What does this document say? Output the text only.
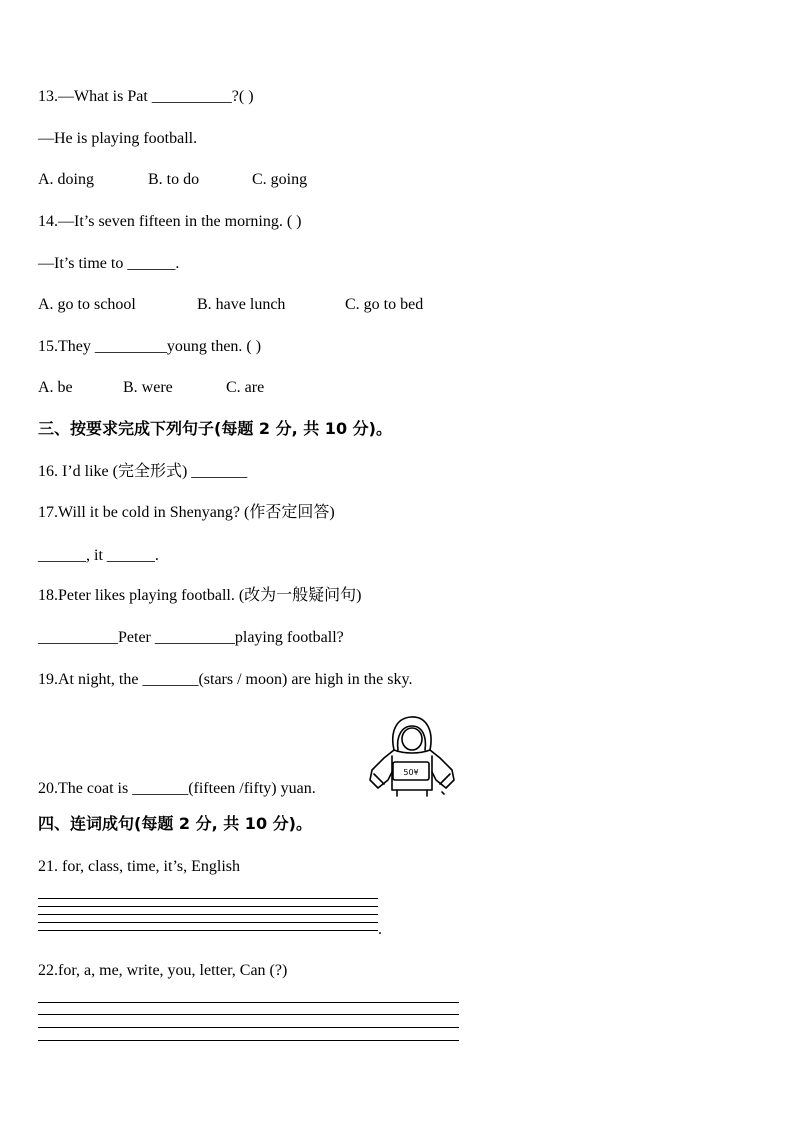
13.—What is Pat __________?( )
—He is playing football.
A. doing	B. to do	C. going
14.—It’s seven fifteen in the morning. ( )
—It’s time to ______.
A. go to school	B. have lunch	C. go to bed
15.They _________young then. ( )
A. be	B. were	C. are
三、按要求完成下列句子(每题 2 分, 共 10 分)。
16. I’d like (完全形式) _______
17.Will it be cold in Shenyang? (作否定回答)
______, it ______.
18.Peter likes playing football. (改为一般疑问句)
__________Peter __________playing football?
19.At night, the _______(stars / moon) are high in the sky.
20.The coat is _______(fifteen /fifty) yuan.
50¥
四、连词成句(每题 2 分, 共 10 分)。
21. for, class, time, it’s, English
.
22.for, a, me, write, you, letter, Can (?)
